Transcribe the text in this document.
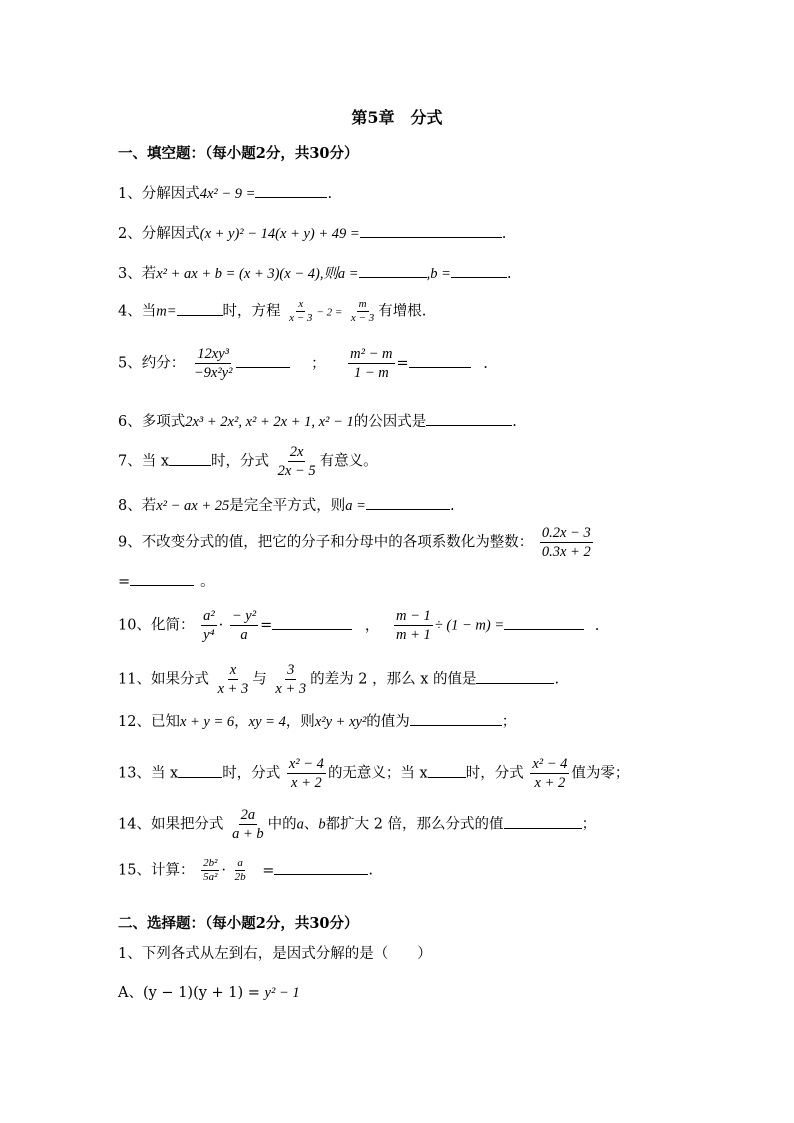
第5章　分式
一、填空题：（每小题2分，共30分）
1、分解因式4x² − 9 =	.
2、分解因式(x + y)² − 14(x + y) + 49 =	.
3、若x² + ax + b = (x + 3)(x − 4),则a =	,b =	.
4、当m=	时，方程 $\frac{x}{x - 3} - 2 = \frac{m}{x - 3}$ 有增根.
5、约分： $\frac{\text{12xy³}}{\text{−9x²y²}}$	； $\frac{\text{m² − m}}{1 - m}$ =	.
6、多项式2x³ + 2x², x² + 2x + 1, x² − 1的公因式是	.
7、当 x	时，分式 $\frac{2x}{2x - 5}$ 有意义。
8、若x² − ax + 25是完全平方式，则a =	.
9、不改变分式的值，把它的分子和分母中的各项系数化为整数： $\frac{0.2x - 3}{0.3x + 2}$
=	。
10、化简： $\frac{\text{a²}}{\text{y⁴}} \cdot \frac{\text{− y²}}{a}$ =	， $\frac{m - 1}{m + 1} \div (1 - m)$ =	.
11、如果分式 $\frac{x}{x + 3}$ 与 $\frac{3}{x + 3}$ 的差为 2 ，那么 x 的值是	.
12、已知x + y = 6，xy = 4，则x²y + xy²的值为	；
13、当 x	时，分式 $\frac{\text{x² − 4}}{x + 2}$ 的无意义；当 x	时，分式 $\frac{\text{x² − 4}}{x + 2}$ 值为零；
14、如果把分式 $\frac{2a}{a + b}$ 中的a、b都扩大 2 倍，那么分式的值	；
15、计算： $\frac{\text{2b²}}{\text{5a²}} \cdot \frac{a}{2b}$ =	.
二、选择题：（每小题2分，共30分）
1、下列各式从左到右，是因式分解的是（　　）
A、(y − 1)(y + 1) = y² − 1
